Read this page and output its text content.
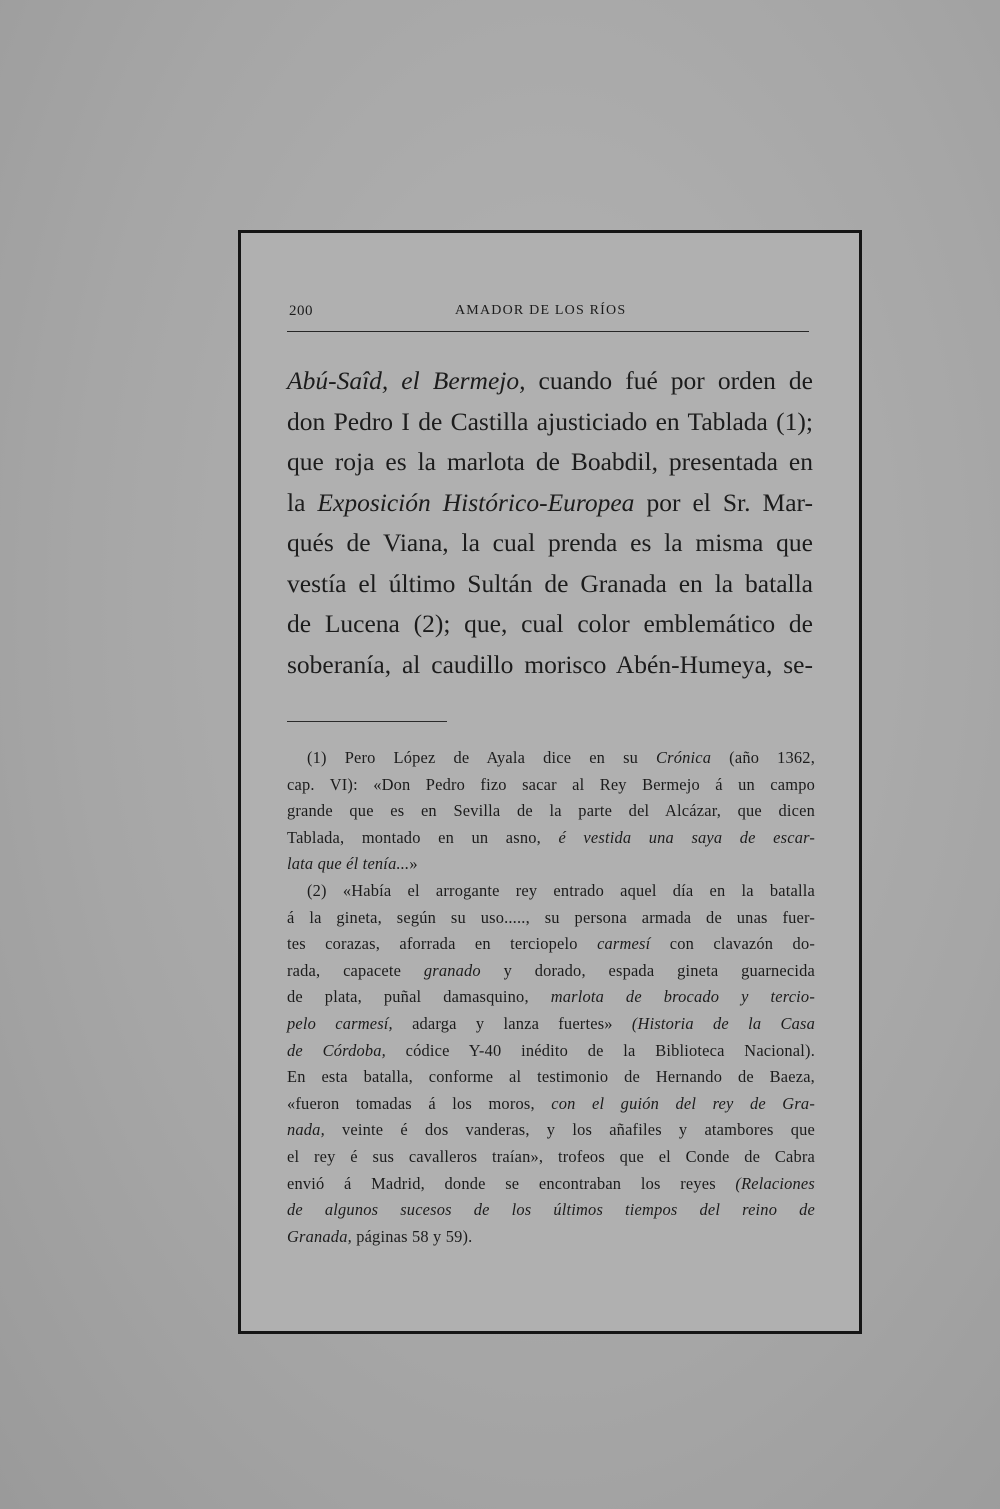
200	AMADOR DE LOS RÍOS
Abú-Saîd, el Bermejo, cuando fué por orden de
don Pedro I de Castilla ajusticiado en Tablada (1);
que roja es la marlota de Boabdil, presentada en
la Exposición Histórico-Europea por el Sr. Mar-
qués de Viana, la cual prenda es la misma que
vestía el último Sultán de Granada en la batalla
de Lucena (2); que, cual color emblemático de
soberanía, al caudillo morisco Abén-Humeya, se-
(1) Pero López de Ayala dice en su Crónica (año 1362,
cap. VI): «Don Pedro fizo sacar al Rey Bermejo á un campo
grande que es en Sevilla de la parte del Alcázar, que dicen
Tablada, montado en un asno, é vestida una saya de escar-
lata que él tenía...»
(2) «Había el arrogante rey entrado aquel día en la batalla
á la gineta, según su uso....., su persona armada de unas fuer-
tes corazas, aforrada en terciopelo carmesí con clavazón do-
rada, capacete granado y dorado, espada gineta guarnecida
de plata, puñal damasquino, marlota de brocado y tercio-
pelo carmesí, adarga y lanza fuertes» (Historia de la Casa
de Córdoba, códice Y-40 inédito de la Biblioteca Nacional).
En esta batalla, conforme al testimonio de Hernando de Baeza,
«fueron tomadas á los moros, con el guión del rey de Gra-
nada, veinte é dos vanderas, y los añafiles y atambores que
el rey é sus cavalleros traían», trofeos que el Conde de Cabra
envió á Madrid, donde se encontraban los reyes (Relaciones
de algunos sucesos de los últimos tiempos del reino de
Granada, páginas 58 y 59).
